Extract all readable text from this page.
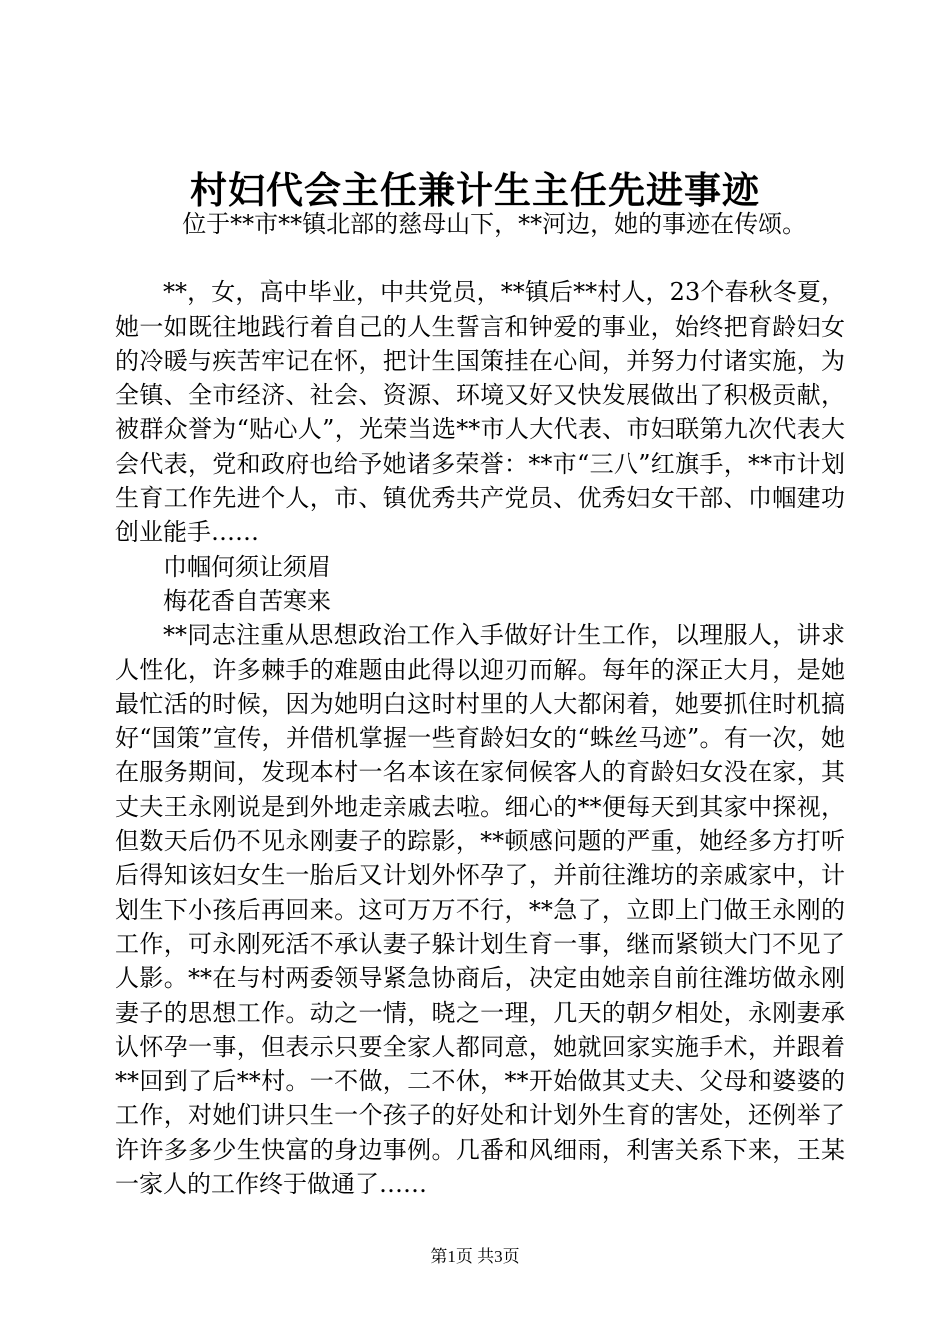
村妇代会主任兼计生主任先进事迹

位于**市**镇北部的慈母山下，**河边，她的事迹在传颂。

**，女，高中毕业，中共党员，**镇后**村人，23个春秋冬夏，她一如既往地践行着自己的人生誓言和钟爱的事业，始终把育龄妇女的冷暖与疾苦牢记在怀，把计生国策挂在心间，并努力付诸实施，为全镇、全市经济、社会、资源、环境又好又快发展做出了积极贡献，被群众誉为“贴心人”，光荣当选**市人大代表、市妇联第九次代表大会代表，党和政府也给予她诸多荣誉：**市“三八”红旗手，**市计划生育工作先进个人，市、镇优秀共产党员、优秀妇女干部、巾帼建功创业能手……

巾帼何须让须眉

梅花香自苦寒来

**同志注重从思想政治工作入手做好计生工作，以理服人，讲求人性化，许多棘手的难题由此得以迎刃而解。每年的深正大月，是她最忙活的时候，因为她明白这时村里的人大都闲着，她要抓住时机搞好“国策”宣传，并借机掌握一些育龄妇女的“蛛丝马迹”。有一次，她在服务期间，发现本村一名本该在家伺候客人的育龄妇女没在家，其丈夫王永刚说是到外地走亲戚去啦。细心的**便每天到其家中探视，但数天后仍不见永刚妻子的踪影，**顿感问题的严重，她经多方打听后得知该妇女生一胎后又计划外怀孕了，并前往潍坊的亲戚家中，计划生下小孩后再回来。这可万万不行，**急了，立即上门做王永刚的工作，可永刚死活不承认妻子躲计划生育一事，继而紧锁大门不见了人影。**在与村两委领导紧急协商后，决定由她亲自前往潍坊做永刚妻子的思想工作。动之一情，晓之一理，几天的朝夕相处，永刚妻承认怀孕一事，但表示只要全家人都同意，她就回家实施手术，并跟着**回到了后**村。一不做，二不休，**开始做其丈夫、父母和婆婆的工作，对她们讲只生一个孩子的好处和计划外生育的害处，还例举了许许多多少生快富的身边事例。几番和风细雨，利害关系下来，王某一家人的工作终于做通了……

第1页 共3页
